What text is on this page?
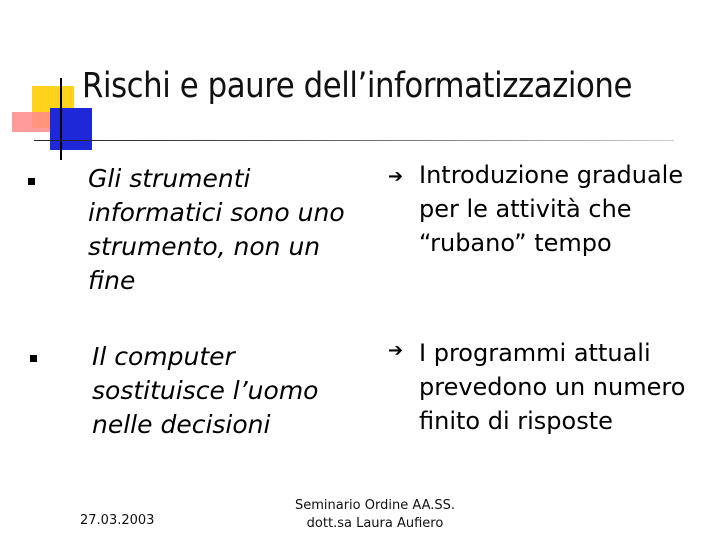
Rischi e paure dell’informatizzazione
Gli strumenti informatici sono uno strumento, non un fine
Il computer sostituisce l’uomo nelle decisioni
➔ Introduzione graduale per le attività che “rubano” tempo
➔ I programmi attuali prevedono un numero finito di risposte
27.03.2003
Seminario Ordine AA.SS.
dott.sa Laura Aufiero
